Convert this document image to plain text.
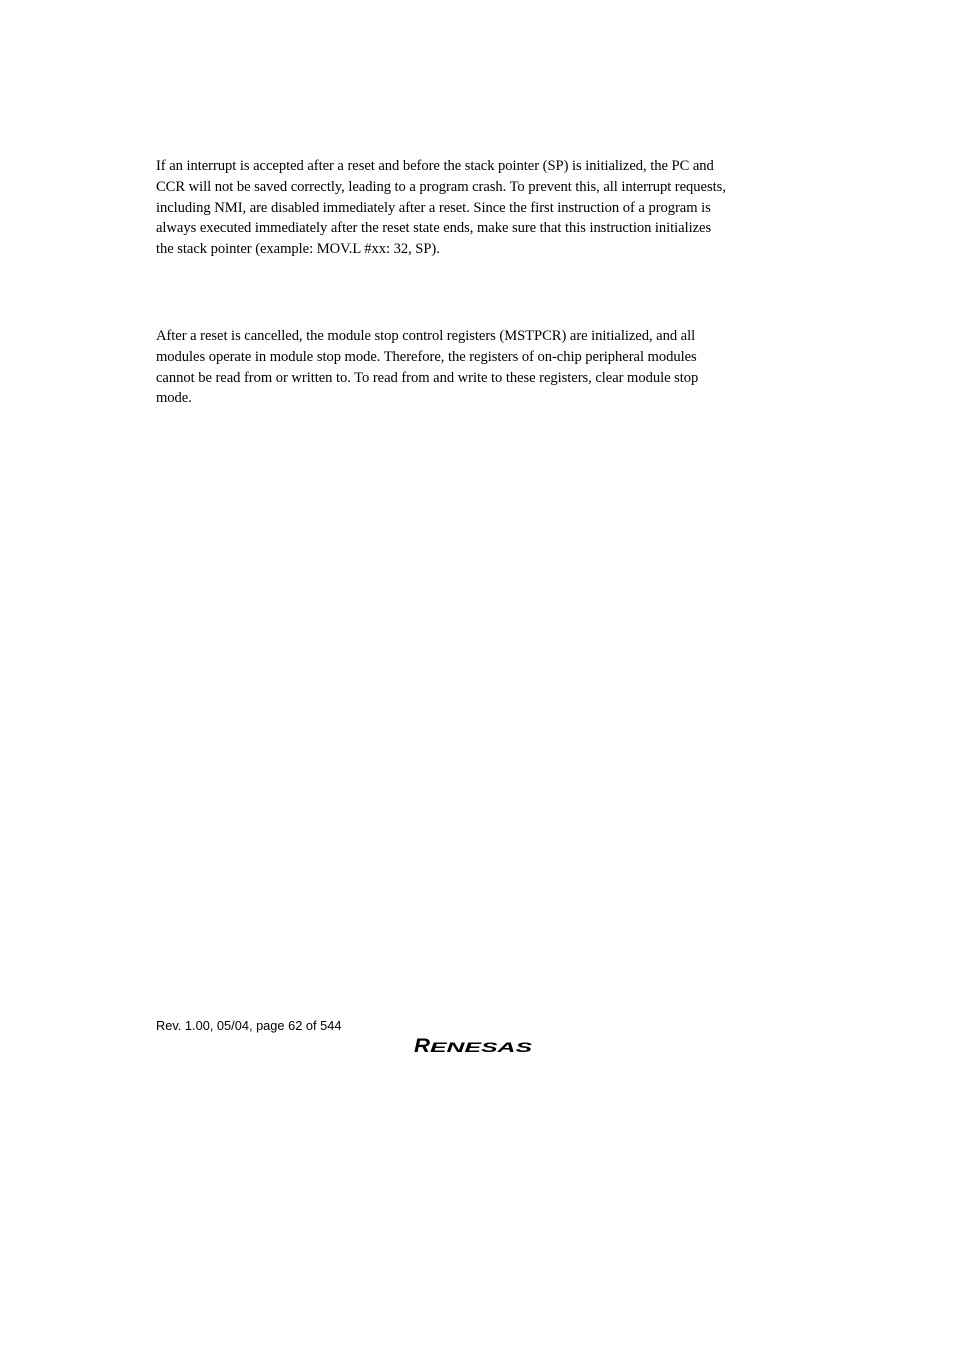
If an interrupt is accepted after a reset and before the stack pointer (SP) is initialized, the PC and
CCR will not be saved correctly, leading to a program crash. To prevent this, all interrupt requests,
including NMI, are disabled immediately after a reset. Since the first instruction of a program is
always executed immediately after the reset state ends, make sure that this instruction initializes
the stack pointer (example: MOV.L #xx: 32, SP).

After a reset is cancelled, the module stop control registers (MSTPCR) are initialized, and all
modules operate in module stop mode. Therefore, the registers of on-chip peripheral modules
cannot be read from or written to. To read from and write to these registers, clear module stop
mode.

Rev. 1.00, 05/04, page 62 of 544
R ENESAS
